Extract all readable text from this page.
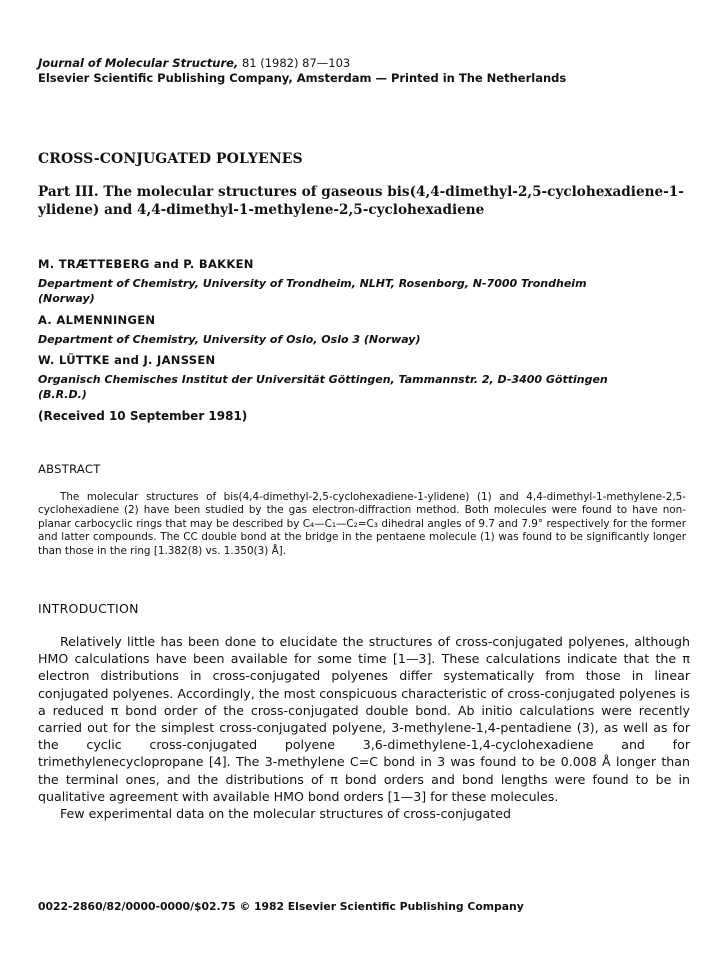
Journal of Molecular Structure, 81 (1982) 87—103
Elsevier Scientific Publishing Company, Amsterdam — Printed in The Netherlands
CROSS-CONJUGATED POLYENES
Part III. The molecular structures of gaseous bis(4,4-dimethyl-2,5-cyclohexadiene-1-ylidene) and 4,4-dimethyl-1-methylene-2,5-cyclohexadiene
M. TRÆTTEBERG and P. BAKKEN
Department of Chemistry, University of Trondheim, NLHT, Rosenborg, N-7000 Trondheim (Norway)
A. ALMENNINGEN
Department of Chemistry, University of Oslo, Oslo 3 (Norway)
W. LÜTTKE and J. JANSSEN
Organisch Chemisches Institut der Universität Göttingen, Tammannstr. 2, D-3400 Göttingen (B.R.D.)
(Received 10 September 1981)
ABSTRACT
The molecular structures of bis(4,4-dimethyl-2,5-cyclohexadiene-1-ylidene) (1) and 4,4-dimethyl-1-methylene-2,5-cyclohexadiene (2) have been studied by the gas electron-diffraction method. Both molecules were found to have non-planar carbocyclic rings that may be described by C₄—C₁—C₂=C₃ dihedral angles of 9.7 and 7.9° respectively for the former and latter compounds. The CC double bond at the bridge in the pentaene molecule (1) was found to be significantly longer than those in the ring [1.382(8) vs. 1.350(3) Å].
INTRODUCTION
Relatively little has been done to elucidate the structures of cross-conjugated polyenes, although HMO calculations have been available for some time [1—3]. These calculations indicate that the π electron distributions in cross-conjugated polyenes differ systematically from those in linear conjugated polyenes. Accordingly, the most conspicuous characteristic of cross-conjugated polyenes is a reduced π bond order of the cross-conjugated double bond. Ab initio calculations were recently carried out for the simplest cross-conjugated polyene, 3-methylene-1,4-pentadiene (3), as well as for the cyclic cross-conjugated polyene 3,6-dimethylene-1,4-cyclohexadiene and for trimethylenecyclopropane [4]. The 3-methylene C=C bond in 3 was found to be 0.008 Å longer than the terminal ones, and the distributions of π bond orders and bond lengths were found to be in qualitative agreement with available HMO bond orders [1—3] for these molecules.
Few experimental data on the molecular structures of cross-conjugated
0022-2860/82/0000-0000/$02.75 © 1982 Elsevier Scientific Publishing Company
